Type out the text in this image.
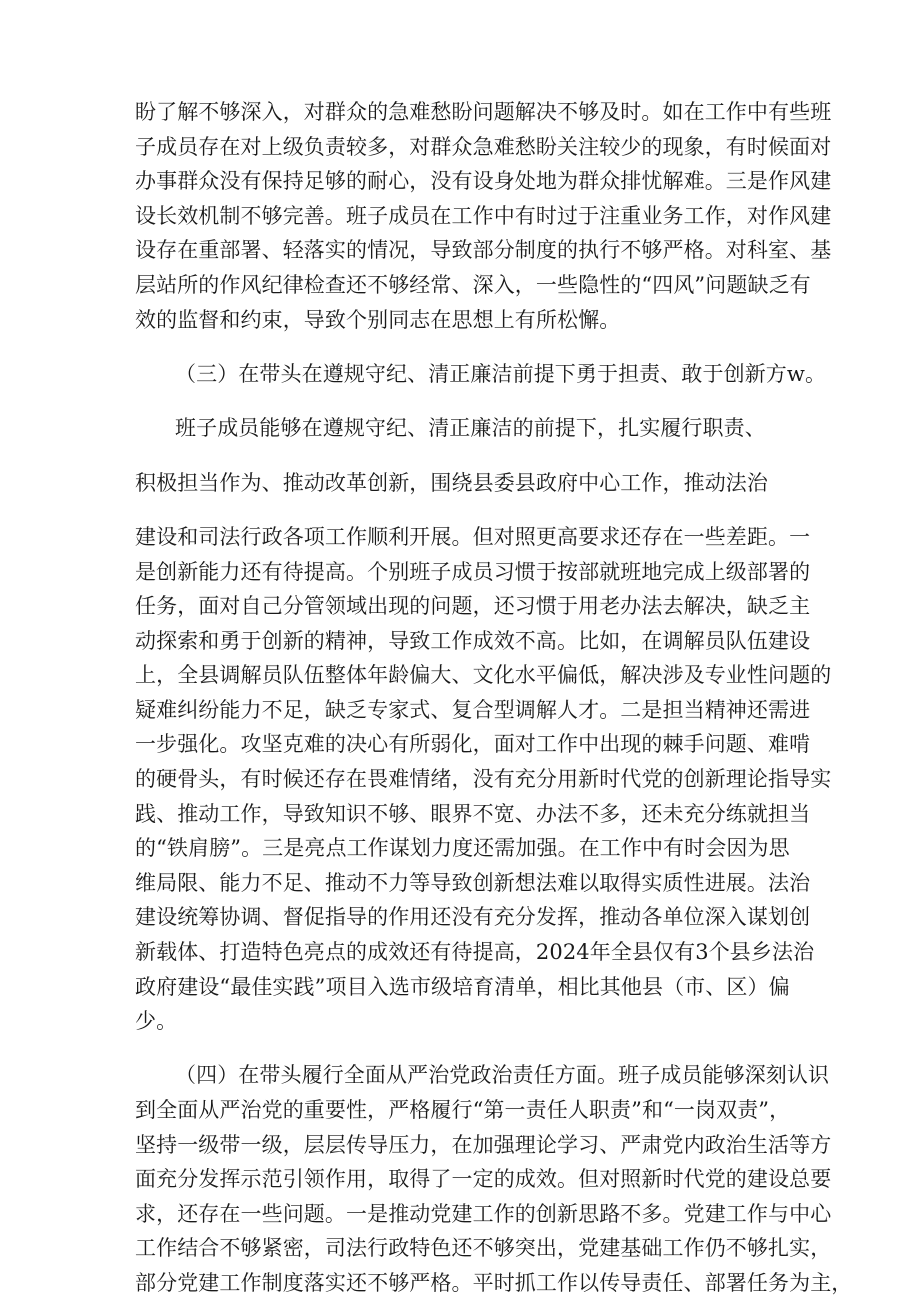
盼了解不够深入，对群众的急难愁盼问题解决不够及时。如在工作中有些班
子成员存在对上级负责较多，对群众急难愁盼关注较少的现象，有时候面对
办事群众没有保持足够的耐心，没有设身处地为群众排忧解难。三是作风建
设长效机制不够完善。班子成员在工作中有时过于注重业务工作，对作风建
设存在重部署、轻落实的情况，导致部分制度的执行不够严格。对科室、基
层站所的作风纪律检查还不够经常、深入，一些隐性的“四风”问题缺乏有
效的监督和约束，导致个别同志在思想上有所松懈。
（三）在带头在遵规守纪、清正廉洁前提下勇于担责、敢于创新方w。
班子成员能够在遵规守纪、清正廉洁的前提下，扎实履行职责、
积极担当作为、推动改革创新，围绕县委县政府中心工作，推动法治
建设和司法行政各项工作顺利开展。但对照更高要求还存在一些差距。一
是创新能力还有待提高。个别班子成员习惯于按部就班地完成上级部署的
任务，面对自己分管领域出现的问题，还习惯于用老办法去解决，缺乏主
动探索和勇于创新的精神，导致工作成效不高。比如，在调解员队伍建设
上，全县调解员队伍整体年龄偏大、文化水平偏低，解决涉及专业性问题的
疑难纠纷能力不足，缺乏专家式、复合型调解人才。二是担当精神还需进
一步强化。攻坚克难的决心有所弱化，面对工作中出现的棘手问题、难啃
的硬骨头，有时候还存在畏难情绪，没有充分用新时代党的创新理论指导实
践、推动工作，导致知识不够、眼界不宽、办法不多，还未充分练就担当
的“铁肩膀”。三是亮点工作谋划力度还需加强。在工作中有时会因为思
维局限、能力不足、推动不力等导致创新想法难以取得实质性进展。法治
建设统筹协调、督促指导的作用还没有充分发挥，推动各单位深入谋划创
新载体、打造特色亮点的成效还有待提高，2024年全县仅有3个县乡法治
政府建设“最佳实践”项目入选市级培育清单，相比其他县（市、区）偏
少。
（四）在带头履行全面从严治党政治责任方面。班子成员能够深刻认识
到全面从严治党的重要性，严格履行“第一责任人职责”和“一岗双责”，
坚持一级带一级，层层传导压力，在加强理论学习、严肃党内政治生活等方
面充分发挥示范引领作用，取得了一定的成效。但对照新时代党的建设总要
求，还存在一些问题。一是推动党建工作的创新思路不多。党建工作与中心
工作结合不够紧密，司法行政特色还不够突出，党建基础工作仍不够扎实，
部分党建工作制度落实还不够严格。平时抓工作以传导责任、部署任务为主，
